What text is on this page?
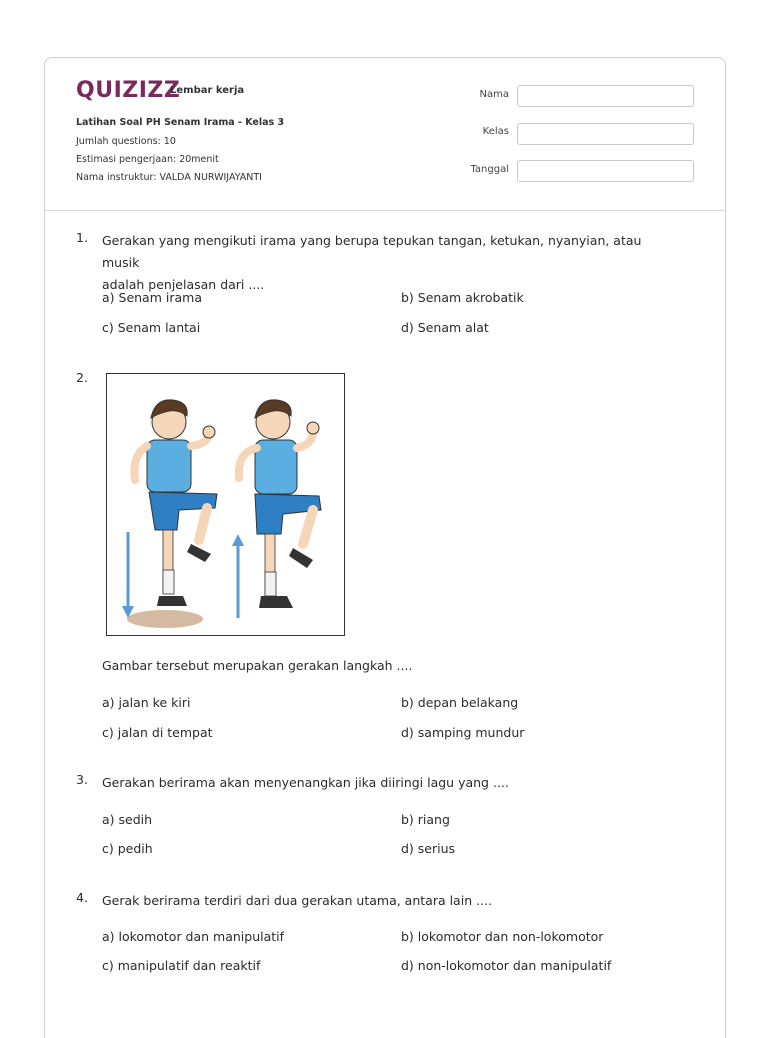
QUIZIZZ
Lembar kerja
Latihan Soal PH Senam Irama - Kelas 3
Jumlah questions: 10
Estimasi pengerjaan: 20menit
Nama instruktur: VALDA NURWIJAYANTI
Nama
Kelas
Tanggal
1. Gerakan yang mengikuti irama yang berupa tepukan tangan, ketukan, nyanyian, atau musik
adalah penjelasan dari ....
a) Senam irama	b) Senam akrobatik
c) Senam lantai	d) Senam alat
2.
Gambar tersebut merupakan gerakan langkah ....
a) jalan ke kiri	b) depan belakang
c) jalan di tempat	d) samping mundur
3. Gerakan berirama akan menyenangkan jika diiringi lagu yang ....
a) sedih	b) riang
c) pedih	d) serius
4. Gerak berirama terdiri dari dua gerakan utama, antara lain ....
a) lokomotor dan manipulatif	b) lokomotor dan non-lokomotor
c) manipulatif dan reaktif	d) non-lokomotor dan manipulatif
